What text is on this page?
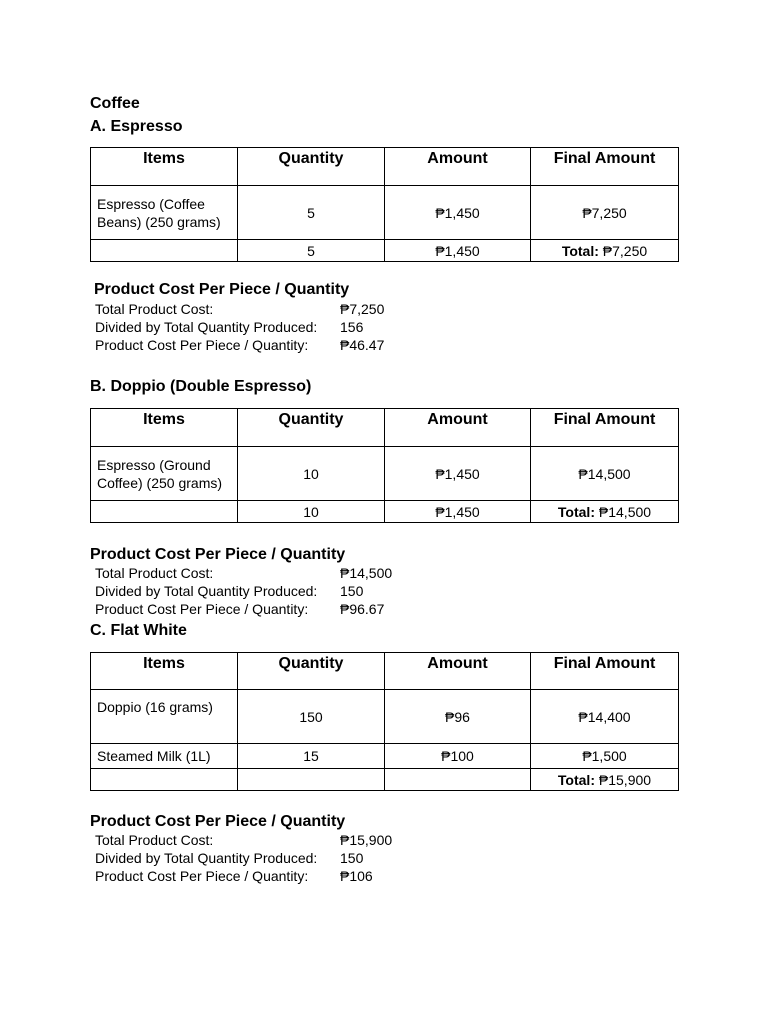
Coffee
A. Espresso
Items	Quantity	Amount	Final Amount
Espresso (Coffee Beans) (250 grams)	5	₱1,450	₱7,250
	5	₱1,450	Total: ₱7,250
Product Cost Per Piece / Quantity
Total Product Cost:	₱7,250
Divided by Total Quantity Produced: 156
Product Cost Per Piece / Quantity: ₱46.47
B. Doppio (Double Espresso)
Items	Quantity	Amount	Final Amount
Espresso (Ground Coffee) (250 grams)	10	₱1,450	₱14,500
	10	₱1,450	Total: ₱14,500
Product Cost Per Piece / Quantity
Total Product Cost:	₱14,500
Divided by Total Quantity Produced: 150
Product Cost Per Piece / Quantity: ₱96.67
C. Flat White
Items	Quantity	Amount	Final Amount
Doppio (16 grams)	150	₱96	₱14,400
Steamed Milk (1L)	15	₱100	₱1,500
			Total: ₱15,900
Product Cost Per Piece / Quantity
Total Product Cost:	₱15,900
Divided by Total Quantity Produced: 150
Product Cost Per Piece / Quantity: ₱106
